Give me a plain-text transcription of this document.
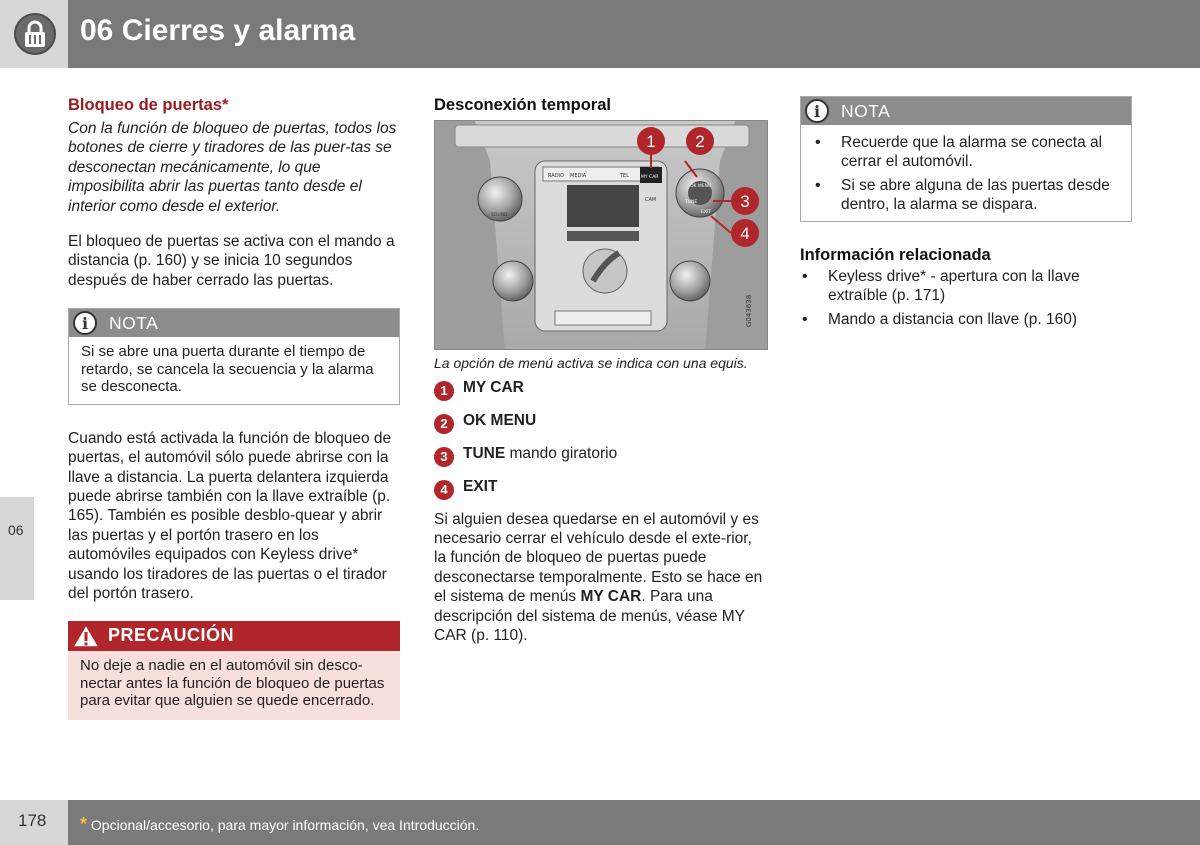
06 Cierres y alarma
06
Bloqueo de puertas*

Con la función de bloqueo de puertas, todos los botones de cierre y tiradores de las puer-tas se desconectan mecánicamente, lo que imposibilita abrir las puertas tanto desde el interior como desde el exterior.

El bloqueo de puertas se activa con el mando a distancia (p. 160) y se inicia 10 segundos después de haber cerrado las puertas.

i	NOTA
Si se abre una puerta durante el tiempo de retardo, se cancela la secuencia y la alarma se desconecta.

Cuando está activada la función de bloqueo de puertas, el automóvil sólo puede abrirse con la llave a distancia. La puerta delantera izquierda puede abrirse también con la llave extraíble (p. 165). También es posible desblo-quear y abrir las puertas y el portón trasero en los automóviles equipados con Keyless drive* usando los tiradores de las puertas o el tirador del portón trasero.

PRECAUCIÓN
No deje a nadie en el automóvil sin desco-nectar antes la función de bloqueo de puertas para evitar que alguien se quede encerrado.
Desconexión temporal
G043638
RADIO MEDIA	TEL	MY CAR
OK MENU
TUNE
EXIT
SOUND
CAM
1 2
3
4

La opción de menú activa se indica con una equis.

1 MY CAR
2 OK MENU
3 TUNE mando giratorio
4 EXIT

Si alguien desea quedarse en el automóvil y es necesario cerrar el vehículo desde el exte-rior, la función de bloqueo de puertas puede desconectarse temporalmente. Esto se hace en el sistema de menús MY CAR. Para una descripción del sistema de menús, véase MY CAR (p. 110).

i	NOTA
• Recuerde que la alarma se conecta al cerrar el automóvil.
• Si se abre alguna de las puertas desde dentro, la alarma se dispara.
Información relacionada
• Keyless drive* - apertura con la llave extraíble (p. 171)
• Mando a distancia con llave (p. 160)
178 * Opcional/accesorio, para mayor información, vea Introducción.
